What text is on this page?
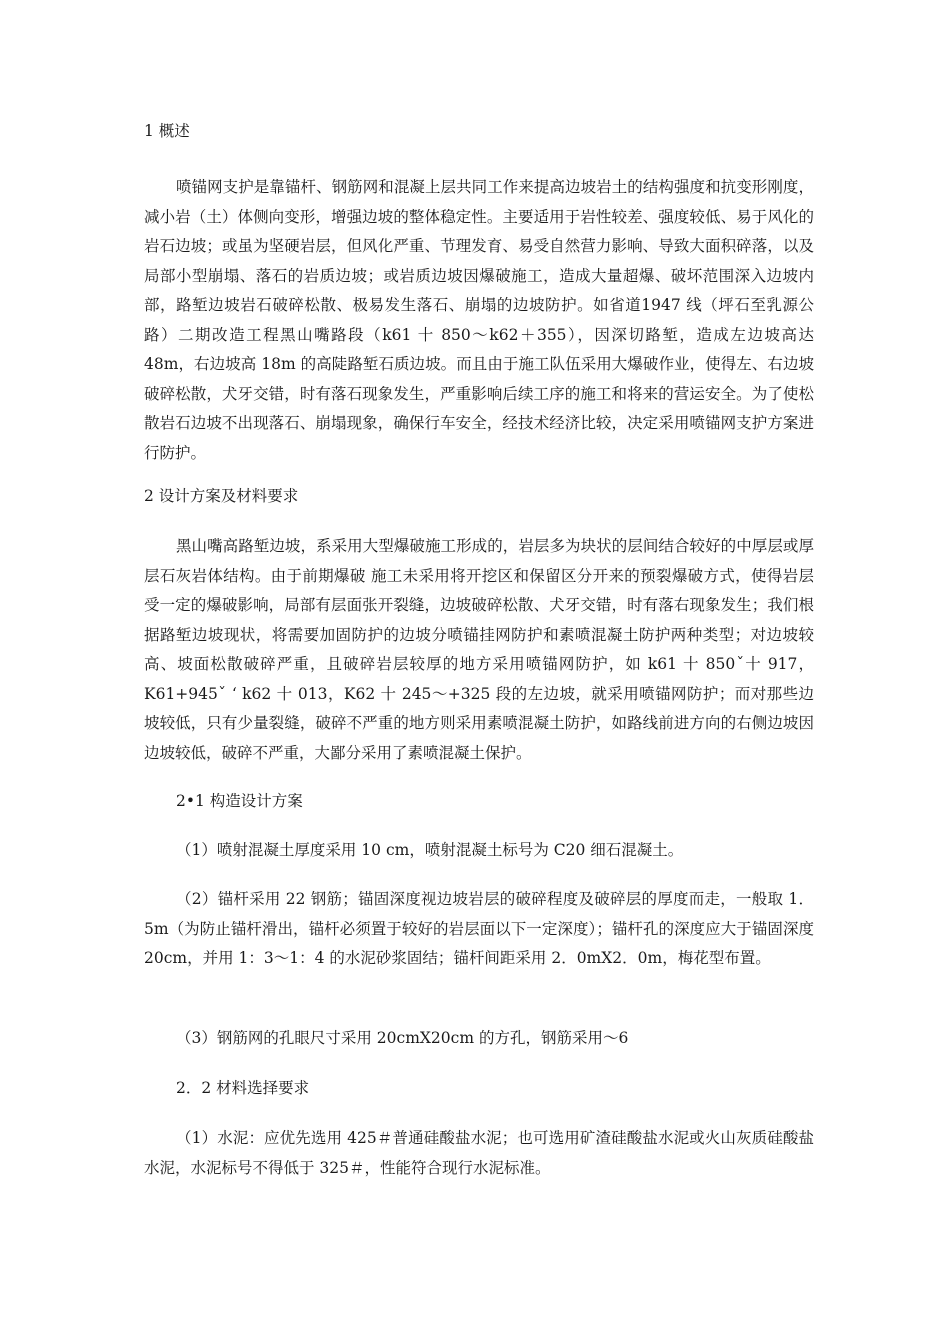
1 概述

喷锚网支护是靠锚杆、钢筋网和混凝上层共同工作来提高边坡岩土的结构强度和抗变形刚度，减小岩（土）体侧向变形，增强边坡的整体稳定性。主要适用于岩性较差、强度较低、易于风化的岩石边坡；或虽为坚硬岩层，但风化严重、节理发育、易受自然营力影响、导致大面积碎落，以及局部小型崩塌、落石的岩质边坡；或岩质边坡因爆破施工，造成大量超爆、破坏范围深入边坡内部，路堑边坡岩石破碎松散、极易发生落石、崩塌的边坡防护。如省道1947 线（坪石至乳源公路）二期改造工程黑山嘴路段（k61 十 850～k62＋355），因深切路堑，造成左边坡高达 48m，右边坡高 18m 的高陡路堑石质边坡。而且由于施工队伍采用大爆破作业，使得左、右边坡破碎松散，犬牙交错，时有落石现象发生，严重影响后续工序的施工和将来的营运安全。为了使松散岩石边坡不出现落石、崩塌现象，确保行车安全，经技术经济比较，决定采用喷锚网支护方案进行防护。

2 设计方案及材料要求

黑山嘴高路堑边坡，系采用大型爆破施工形成的，岩层多为块状的层间结合较好的中厚层或厚层石灰岩体结构。由于前期爆破 施工未采用将开挖区和保留区分开来的预裂爆破方式，使得岩层受一定的爆破影响，局部有层面张开裂缝，边坡破碎松散、犬牙交错，时有落右现象发生；我们根据路堑边坡现状，将需要加固防护的边坡分喷锚挂网防护和素喷混凝土防护两种类型；对边坡较高、坡面松散破碎严重，且破碎岩层较厚的地方采用喷锚网防护，如 k61 十 850ˇ十 917，K61+945ˇ ‘ k62 十 013，K62 十 245～+325 段的左边坡，就采用喷锚网防护；而对那些边坡较低，只有少量裂缝，破碎不严重的地方则采用素喷混凝土防护，如路线前进方向的右侧边坡因边坡较低，破碎不严重，大鄙分采用了素喷混凝土保护。

2•1 构造设计方案

（1）喷射混凝土厚度采用 10 cm，喷射混凝土标号为 C20 细石混凝土。

（2）锚杆采用 22 钢筋；锚固深度视边坡岩层的破碎程度及破碎层的厚度而走，一般取 1．5m（为防止锚杆滑出，锚杆必须置于较好的岩层面以下一定深度）；锚杆孔的深度应大于锚固深度 20cm，并用 1：3～1：4 的水泥砂浆固结；锚杆间距采用 2．0mX2．0m，梅花型布置。

（3）钢筋网的孔眼尺寸采用 20cmX20cm 的方孔，钢筋采用～6

2．2 材料选择要求

（1）水泥：应优先选用 425＃普通硅酸盐水泥；也可选用矿渣硅酸盐水泥或火山灰质硅酸盐水泥，水泥标号不得低于 325＃，性能符合现行水泥标准。
